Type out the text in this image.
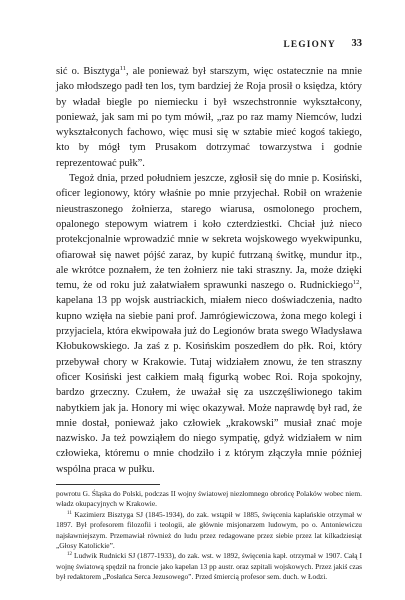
LEGIONY 33

sić o. Bisztyga$^{11}$, ale ponieważ był starszym, więc ostatecznie na mnie jako młodszego padł ten los, tym bardziej że Roja prosił o księdza, który by władał biegle po niemiecku i był wszechstronnie wykształcony, ponieważ, jak sam mi po tym mówił, „raz po raz mamy Niemców, ludzi wykształconych fachowo, więc musi się w sztabie mieć kogoś takiego, kto by mógł tym Prusakom dotrzymać towarzystwa i godnie reprezentować pułk”.

Tegoż dnia, przed południem jeszcze, zgłosił się do mnie p. Kosiński, oficer legionowy, który właśnie po mnie przyjechał. Robił on wrażenie nieustraszonego żołnierza, starego wiarusa, osmolonego prochem, opalonego stepowym wiatrem i koło czterdziestki. Chciał już nieco protekcjonalnie wprowadzić mnie w sekreta wojskowego wyekwipunku, ofiarował się nawet pójść zaraz, by kupić futrzaną świtkę, mundur itp., ale wkrótce poznałem, że ten żołnierz nie taki straszny. Ja, może dzięki temu, że od roku już załatwiałem sprawunki naszego o. Rudnickiego$^{12}$, kapelana 13 pp wojsk austriackich, miałem nieco doświadczenia, nadto kupno wzięła na siebie pani prof. Jamrógiewiczowa, żona mego kolegi i przyjaciela, która ekwipowała już do Legionów brata swego Władysława Kłobukowskiego. Ja zaś z p. Kosińskim poszedłem do płk. Roi, który przebywał chory w Krakowie. Tutaj widziałem znowu, że ten straszny oficer Kosiński jest całkiem małą figurką wobec Roi. Roja spokojny, bardzo grzeczny. Czułem, że uważał się za uszczęśliwionego takim nabytkiem jak ja. Honory mi więc okazywał. Może naprawdę był rad, że mnie dostał, ponieważ jako człowiek „krakowski” musiał znać moje nazwisko. Ja też powziąłem do niego sympatię, gdyż widziałem w nim człowieka, któremu o mnie chodziło i z którym złączyła mnie później wspólna praca w pułku.

powrotu G. Śląska do Polski, podczas II wojny światowej niezłomnego obrońcę Polaków wobec niem. władz okupacyjnych w Krakowie.

$^{11}$ Kazimierz Bisztyga SJ (1845-1934), do zak. wstąpił w 1885, święcenia kapłańskie otrzymał w 1897. Był profesorem filozofii i teologii, ale głównie misjonarzem ludowym, po o. Antoniewiczu najsławniejszym. Przemawiał również do ludu przez redagowane przez siebie przez lat kilkadziesiąt „Głosy Katolickie”.

$^{12}$ Ludwik Rudnicki SJ (1877-1933), do zak. wst. w 1892, święcenia kapł. otrzymał w 1907. Całą I wojnę światową spędził na froncie jako kapelan 13 pp austr. oraz szpitali wojskowych. Przez jakiś czas był redaktorem „Posłańca Serca Jezusowego”. Przed śmiercią profesor sem. duch. w Łodzi.
